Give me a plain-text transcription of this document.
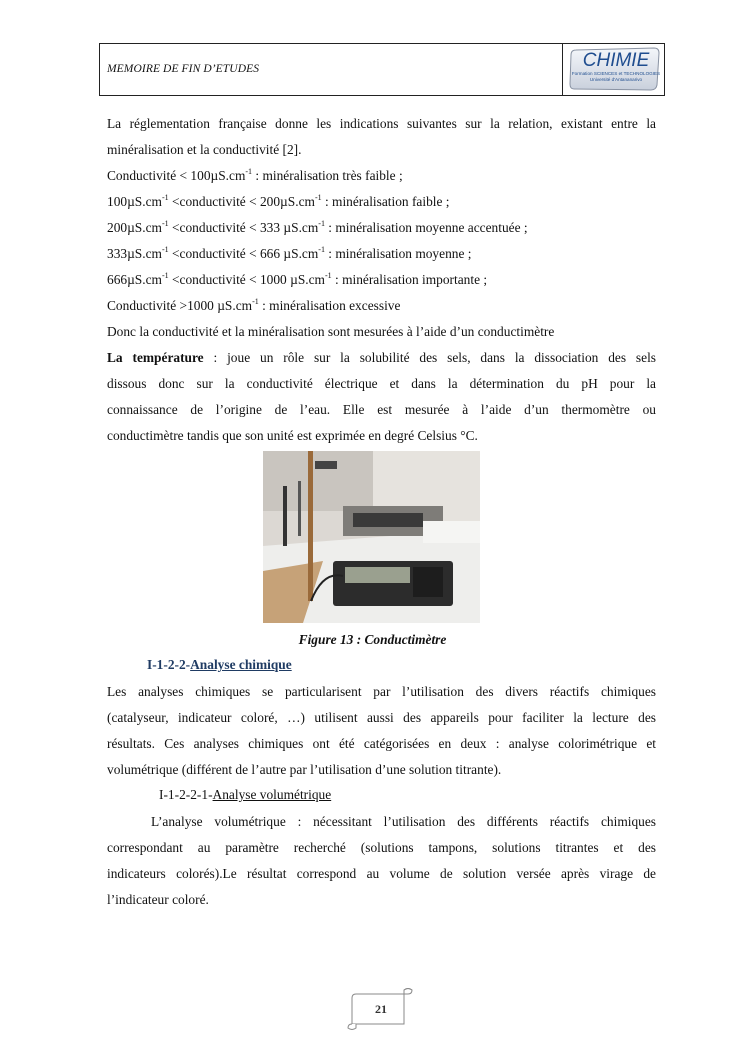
MEMOIRE DE FIN D’ETUDES	CHIMIE
Formation SCIENCES et TECHNOLOGIES
Université d'Antananarivo
La réglementation française donne les indications suivantes sur la relation, existant entre la
minéralisation et la conductivité [2].
Conductivité < $100\mu S.cm^{-1}$ : minéralisation très faible ;
$100\mu S.cm^{-1}$ <conductivité < $200\mu S.cm^{-1}$ : minéralisation faible ;
$200\mu S.cm^{-1}$ <conductivité < 333 $\mu S.cm^{-1}$ : minéralisation moyenne accentuée ;
$333\mu S.cm^{-1}$ <conductivité < 666 $\mu S.cm^{-1}$ : minéralisation moyenne ;
$666\mu S.cm^{-1}$ <conductivité < 1000 $\mu S.cm^{-1}$ : minéralisation importante ;
Conductivité >1000 $\mu S.cm^{-1}$ : minéralisation excessive
Donc la conductivité et la minéralisation sont mesurées à l’aide d’un conductimètre
La température : joue un rôle sur la solubilité des sels, dans la dissociation des sels
dissous donc sur la conductivité électrique et dans la détermination du pH pour la
connaissance de l’origine de l’eau. Elle est mesurée à l’aide d’un thermomètre ou
conductimètre tandis que son unité est exprimée en degré Celsius °C.
Figure 13 : Conductimètre
I-1-2-2-Analyse chimique
Les analyses chimiques se particularisent par l’utilisation des divers réactifs chimiques
(catalyseur, indicateur coloré, …) utilisent aussi des appareils pour faciliter la lecture des
résultats. Ces analyses chimiques ont été catégorisées en deux : analyse colorimétrique et
volumétrique (différent de l’autre par l’utilisation d’une solution titrante).
I-1-2-2-1-Analyse volumétrique
L’analyse volumétrique : nécessitant l’utilisation des différents réactifs chimiques
correspondant au paramètre recherché (solutions tampons, solutions titrantes et des
indicateurs colorés).Le résultat correspond au volume de solution versée après virage de
l’indicateur coloré.
21
